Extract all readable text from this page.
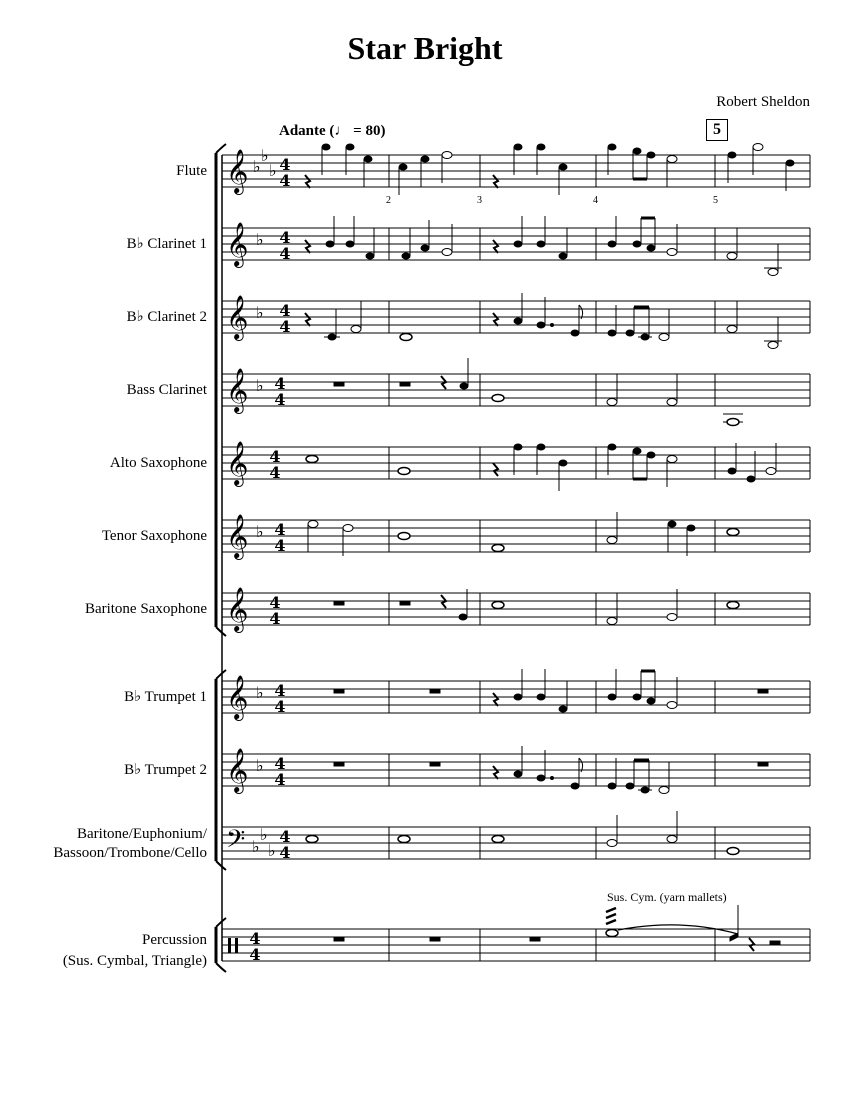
Star Bright
Robert Sheldon
Adante (♩ = 80)	5
Flute
B♭ Clarinet 1
B♭ Clarinet 2
Bass Clarinet
Alto Saxophone
Tenor Saxophone
Baritone Saxophone
B♭ Trumpet 1
B♭ Trumpet 2
Baritone/Euphonium/
Bassoon/Trombone/Cello
Percussion
(Sus. Cymbal, Triangle)
Sus. Cym. (yarn mallets)
𝄞
𝄞
𝄞
𝄞
𝄞
𝄞
𝄞
𝄞
𝄞
𝄢
♭
♭
♭
♭
♭
♭
♭
♭
♭
♭
♭
♭
4
4
4
4
4
4
4
4
4
4
4
4
4
4
4
4
4
4
4
4
4
4
2	3	4	5
